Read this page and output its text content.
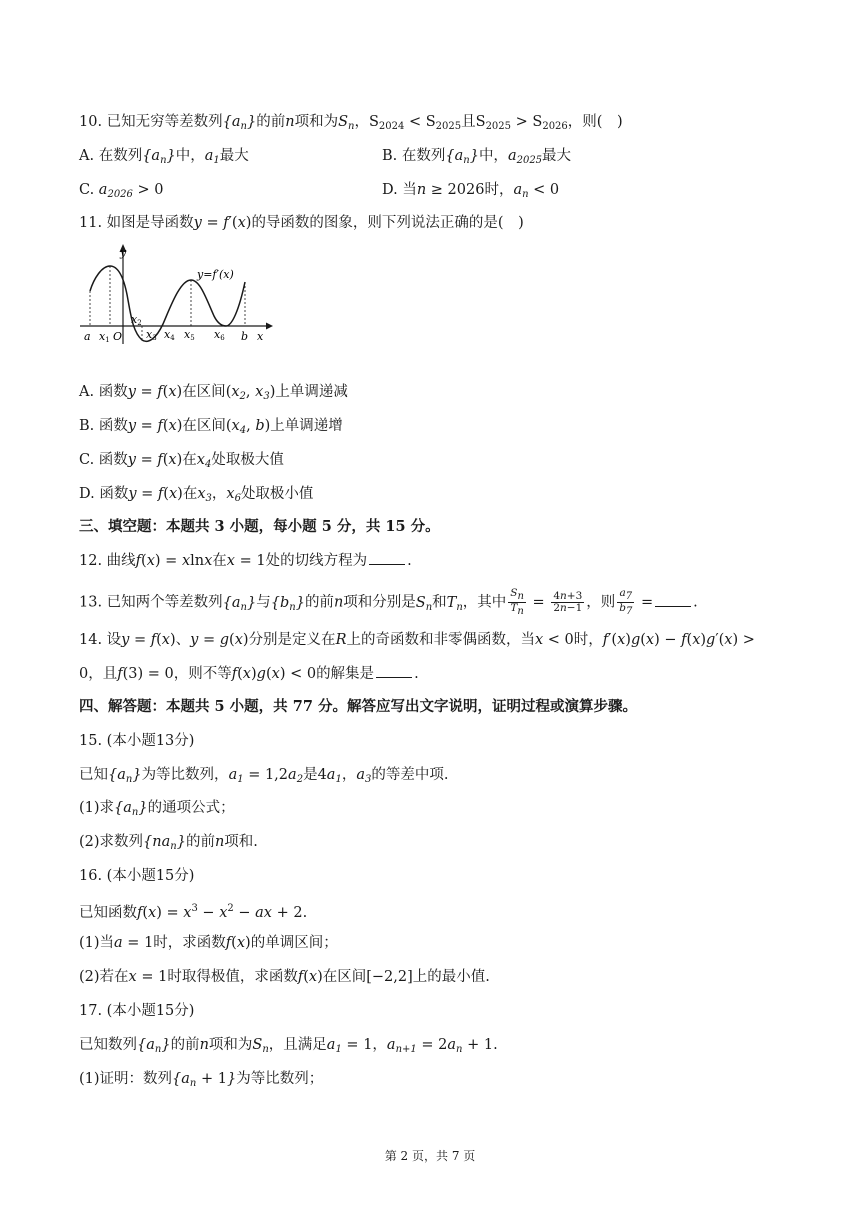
10. 已知无穷等差数列$\{a_n\}$的前n项和为$S_n$，$S_{2024} < S_{2025}$且$S_{2025} > S_{2026}$，则(　)
A. 在数列$\{a_n\}$中，$a_1$最大	B. 在数列$\{a_n\}$中，$a_{2025}$最大
C. $a_{2026} > 0$	D. 当n ≥ 2026时，$a_n < 0$
11. 如图是导函数y = f′(x)的导函数的图象，则下列说法正确的是(　)
y
y=f′(x)
a x1 O
x2
x3 x4 x5 x6 b x
A. 函数y = f(x)在区间($x_2$, $x_3$)上单调递减
B. 函数y = f(x)在区间($x_4$, b)上单调递增
C. 函数y = f(x)在$x_4$处取极大值
D. 函数y = f(x)在$x_3$，$x_6$处取极小值
三、填空题：本题共 3 小题，每小题 5 分，共 15 分。
12. 曲线f(x) = xlnx在x = 1处的切线方程为	.
13. 已知两个等差数列$\{a_n\}$与$\{b_n\}$的前n项和分别是$S_n$和$T_n$，其中 $\frac{S_n}{T_n} = \frac{4n+3}{2n-1}$ ，则 $\frac{a_7}{b_7}$ =	.
14. 设y = f(x)、y = g(x)分别是定义在R上的奇函数和非零偶函数，当x < 0时，f′(x)g(x) − f(x)g′(x) >
0，且f(3) = 0，则不等f(x)g(x) < 0的解集是	.
四、解答题：本题共 5 小题，共 77 分。解答应写出文字说明，证明过程或演算步骤。
15. (本小题13分)
已知$\{a_n\}$为等比数列，$a_1 = 1,2a_2$是$4a_1$，$a_3$的等差中项.
(1)求$\{a_n\}$的通项公式；
(2)求数列$\{na_n\}$的前n项和.
16. (本小题15分)
已知函数$f(x) = x^3 - x^2$ − ax + 2.
(1)当a = 1时，求函数f(x)的单调区间；
(2)若在x = 1时取得极值，求函数f(x)在区间[−2,2]上的最小值.
17. (本小题15分)
已知数列$\{a_n\}$的前n项和为$S_n$，且满足$a_1 = 1$，$a_{n+1} = 2a_n + 1$.
(1)证明：数列$\{a_n + 1\}$为等比数列；
第 2 页，共 7 页
